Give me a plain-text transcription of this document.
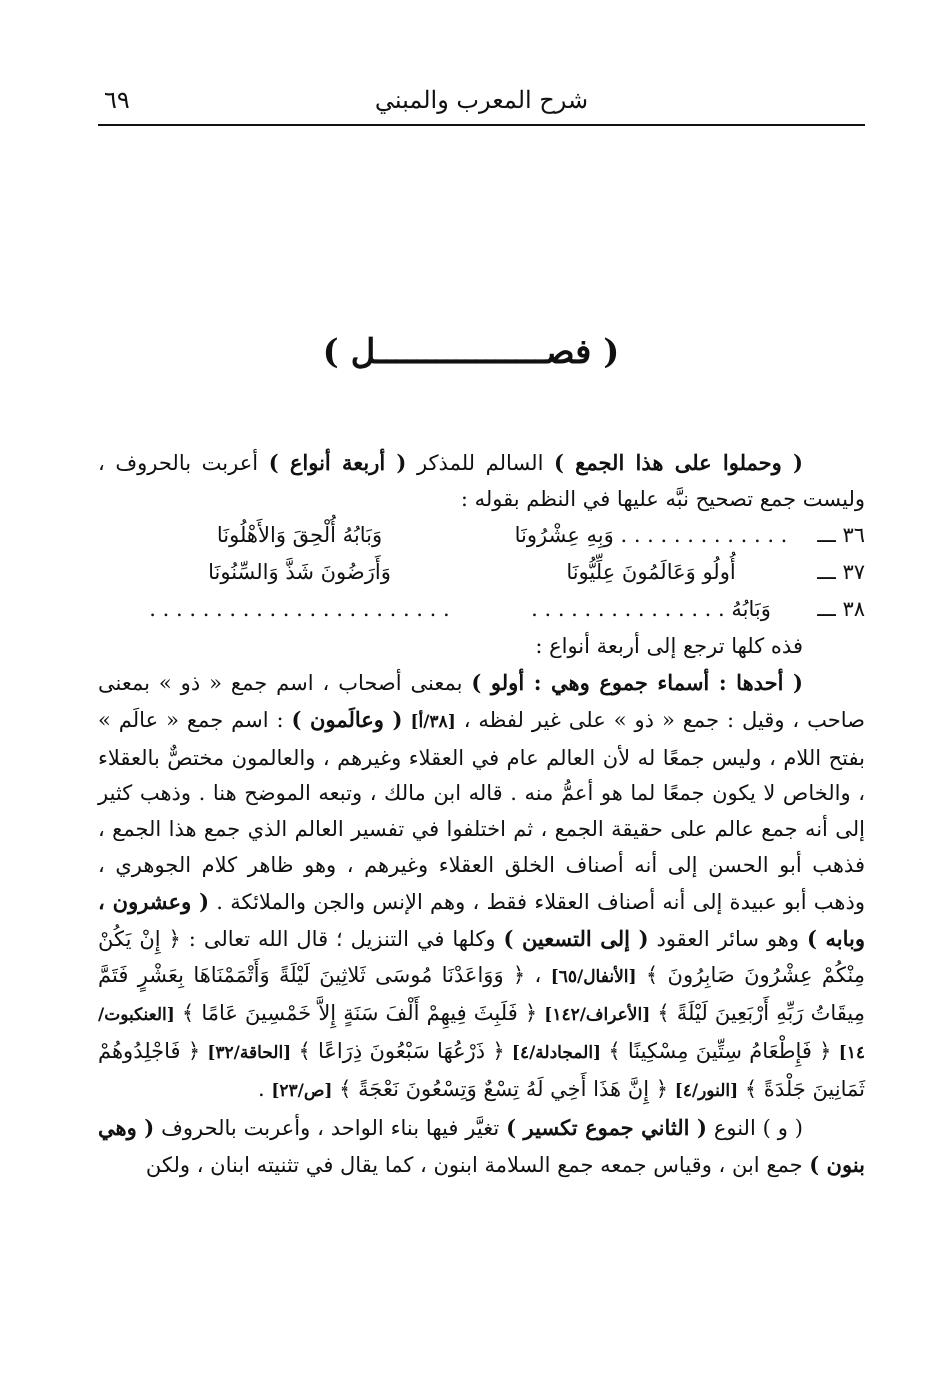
شرح المعرب والمبني
٦٩
( فصـــــــــــــــــل )

( وحملوا على هذا الجمع ) السالم للمذكر ( أربعة أنواع ) أعربت بالحروف ، وليست جمع تصحيح نبَّه عليها في النظم بقوله :

٣٦ ـــ	. . . . . . . . . . . . . وَبِهِ عِشْرُونَا	وَبَابُهُ أُلْحِقَ وَالأَهْلُونَا
٣٧ ـــ	أُولُو وَعَالَمُونَ عِلِّيُّونَا	وَأَرَضُونَ شَذَّ وَالسِّنُونَا
٣٨ ـــ	وَبَابُهُ . . . . . . . . . . . . . . .	. . . . . . . . . . . . . . . . . . . . . . .

فذه كلها ترجع إلى أربعة أنواع :

( أحدها : أسماء جموع وهي : أولو ) بمعنى أصحاب ، اسم جمع « ذو » بمعنى صاحب ، وقيل : جمع « ذو » على غير لفظه ، [٣٨/أ] ( وعالَمون ) : اسم جمع « عالَم » بفتح اللام ، وليس جمعًا له لأن العالم عام في العقلاء وغيرهم ، والعالمون مختصٌّ بالعقلاء ، والخاص لا يكون جمعًا لما هو أعمُّ منه . قاله ابن مالك ، وتبعه الموضح هنا . وذهب كثير إلى أنه جمع عالم على حقيقة الجمع ، ثم اختلفوا في تفسير العالم الذي جمع هذا الجمع ، فذهب أبو الحسن إلى أنه أصناف الخلق العقلاء وغيرهم ، وهو ظاهر كلام الجوهري ، وذهب أبو عبيدة إلى أنه أصناف العقلاء فقط ، وهم الإنس والجن والملائكة . ( وعشرون ، وبابه ) وهو سائر العقود ( إلى التسعين ) وكلها في التنزيل ؛ قال الله تعالى : ﴿ إِنْ يَكُنْ مِنْكُمْ عِشْرُونَ صَابِرُونَ ﴾ [الأنفال/٦٥] ، ﴿ وَوَاعَدْنَا مُوسَى ثَلاثِينَ لَيْلَةً وَأَتْمَمْنَاهَا بِعَشْرٍ فَتَمَّ مِيقَاتُ رَبِّهِ أَرْبَعِينَ لَيْلَةً ﴾ [الأعراف/١٤٢] ﴿ فَلَبِثَ فِيهِمْ أَلْفَ سَنَةٍ إِلاَّ خَمْسِينَ عَامًا ﴾ [العنكبوت/١٤] ﴿ فَإِطْعَامُ سِتِّينَ مِسْكِينًا ﴾ [المجادلة/٤] ﴿ ذَرْعُهَا سَبْعُونَ ذِرَاعًا ﴾ [الحاقة/٣٢] ﴿ فَاجْلِدُوهُمْ ثَمَانِينَ جَلْدَةً ﴾ [النور/٤] ﴿ إِنَّ هَذَا أَخِي لَهُ تِسْعٌ وَتِسْعُونَ نَعْجَةً ﴾ [ص/٢٣] .

( و ) النوع ( الثاني جموع تكسير ) تغيَّر فيها بناء الواحد ، وأعربت بالحروف ( وهي بنون ) جمع ابن ، وقياس جمعه جمع السلامة ابنون ، كما يقال في تثنيته ابنان ، ولكن
